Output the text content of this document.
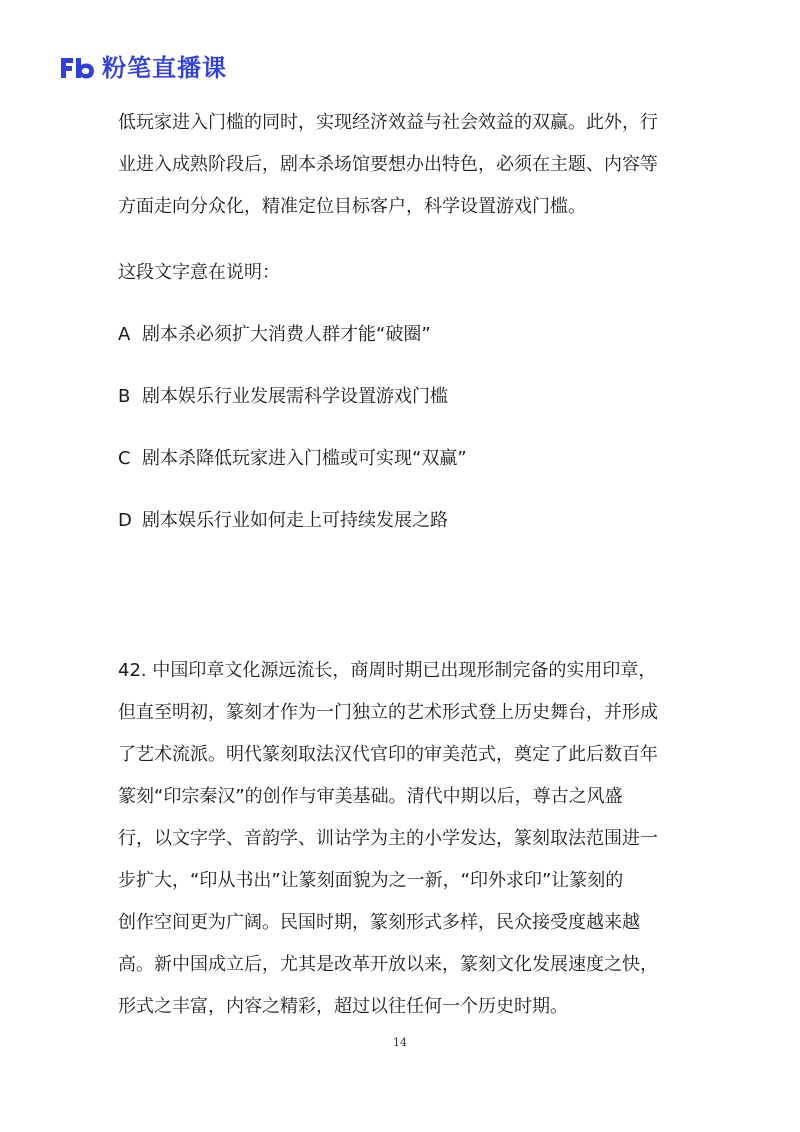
粉笔直播课
低玩家进入门槛的同时，实现经济效益与社会效益的双赢。此外，行
业进入成熟阶段后，剧本杀场馆要想办出特色，必须在主题、内容等
方面走向分众化，精准定位目标客户，科学设置游戏门槛。
这段文字意在说明：
A 剧本杀必须扩大消费人群才能“破圈”
B 剧本娱乐行业发展需科学设置游戏门槛
C 剧本杀降低玩家进入门槛或可实现“双赢”
D 剧本娱乐行业如何走上可持续发展之路
42. 中国印章文化源远流长，商周时期已出现形制完备的实用印章，
但直至明初，篆刻才作为一门独立的艺术形式登上历史舞台，并形成
了艺术流派。明代篆刻取法汉代官印的审美范式，奠定了此后数百年
篆刻“印宗秦汉”的创作与审美基础。清代中期以后，尊古之风盛
行，以文字学、音韵学、训诂学为主的小学发达，篆刻取法范围进一
步扩大，“印从书出”让篆刻面貌为之一新，“印外求印”让篆刻的
创作空间更为广阔。民国时期，篆刻形式多样，民众接受度越来越
高。新中国成立后，尤其是改革开放以来，篆刻文化发展速度之快，
形式之丰富，内容之精彩，超过以往任何一个历史时期。
14
